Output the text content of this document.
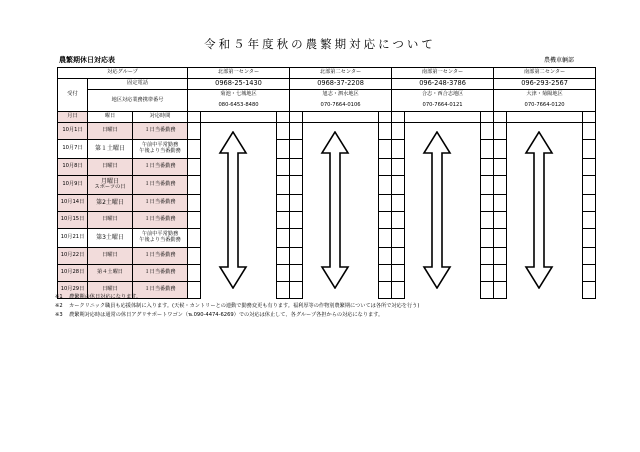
令和５年度秋の農繁期対応について
農繁期休日対応表	農機車輌部
対応グループ			北部第一センター			北部第二センター			南部第一センター			南部第二センター		
受付	固定電話		0968-25-1430			0968-37-2208			096-248-3786			096-293-2567		
	地区対応業務携帯番号		菊池・七城地区			旭志・泗水地区			合志・西合志地区			大津・菊陽地区		
			080-6453-8480			070-7664-0106			070-7664-0121			070-7664-0120		
月日	曜日	対応時間												
10月1日	日曜日	１日当番勤務												
10月7日	第１土曜日	午前中平常勤務
午後より当番勤務												

10月8日	日曜日	１日当番勤務												
10月9日	月曜日
スポーツの日	１日当番勤務												
10月14日	第2土曜日	１日当番勤務												
10月15日	日曜日	１日当番勤務												
10月21日	第3土曜日	午前中平常勤務
午後より当番勤務												

10月22日	日曜日	１日当番勤務												
10月28日	第４土曜日	１日当番勤務												
10月29日	日曜日	１日当番勤務												
※1 農繁期の休日対応になります。
※2 カークリニック職員も応援体制に入ります。(天候・カントリーとの連動で勤務変更も有ります。福利厚等の作物別農繁期については各所で対応を行う)
※3 農繁期対応時は通常の休日アグリサポートワゴン（℡090-4474-6269）での対応は休止して、各グループ各担からの対応になります。
